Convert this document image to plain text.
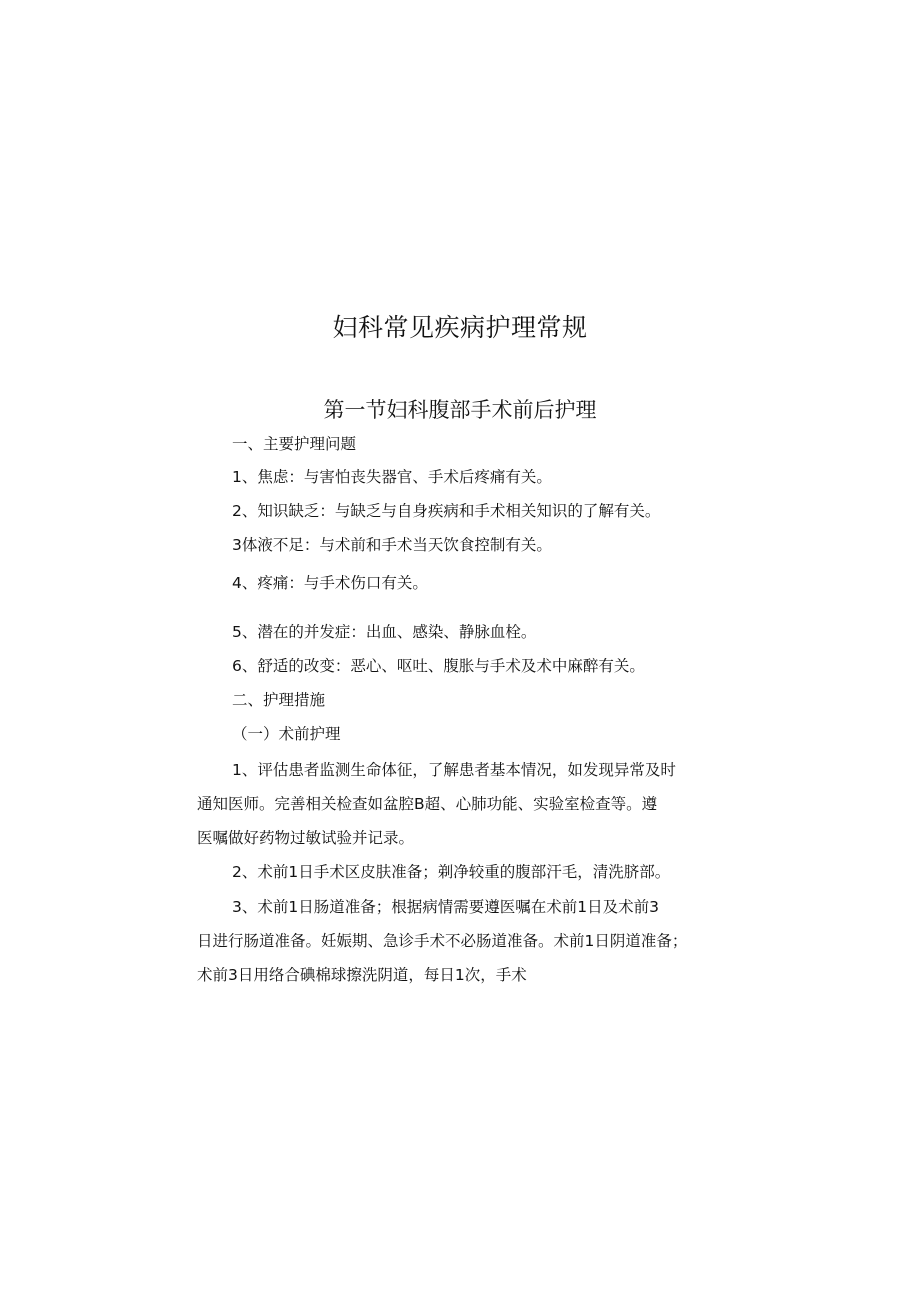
妇科常见疾病护理常规
第一节妇科腹部手术前后护理
一、主要护理问题
1、焦虑：与害怕丧失器官、手术后疼痛有关。
2、知识缺乏：与缺乏与自身疾病和手术相关知识的了解有关。
3体液不足：与术前和手术当天饮食控制有关。
4、疼痛：与手术伤口有关。
5、潜在的并发症：出血、感染、静脉血栓。
6、舒适的改变：恶心、呕吐、腹胀与手术及术中麻醉有关。
二、护理措施
（一）术前护理
1、评估患者监测生命体征，了解患者基本情况，如发现异常及时
通知医师。完善相关检查如盆腔B超、心肺功能、实验室检查等。遵
医嘱做好药物过敏试验并记录。
2、术前1日手术区皮肤准备；剃净较重的腹部汗毛，清洗脐部。
3、术前1日肠道准备；根据病情需要遵医嘱在术前1日及术前3
日进行肠道准备。妊娠期、急诊手术不必肠道准备。术前1日阴道准备；
术前3日用络合碘棉球擦洗阴道，每日1次，手术
